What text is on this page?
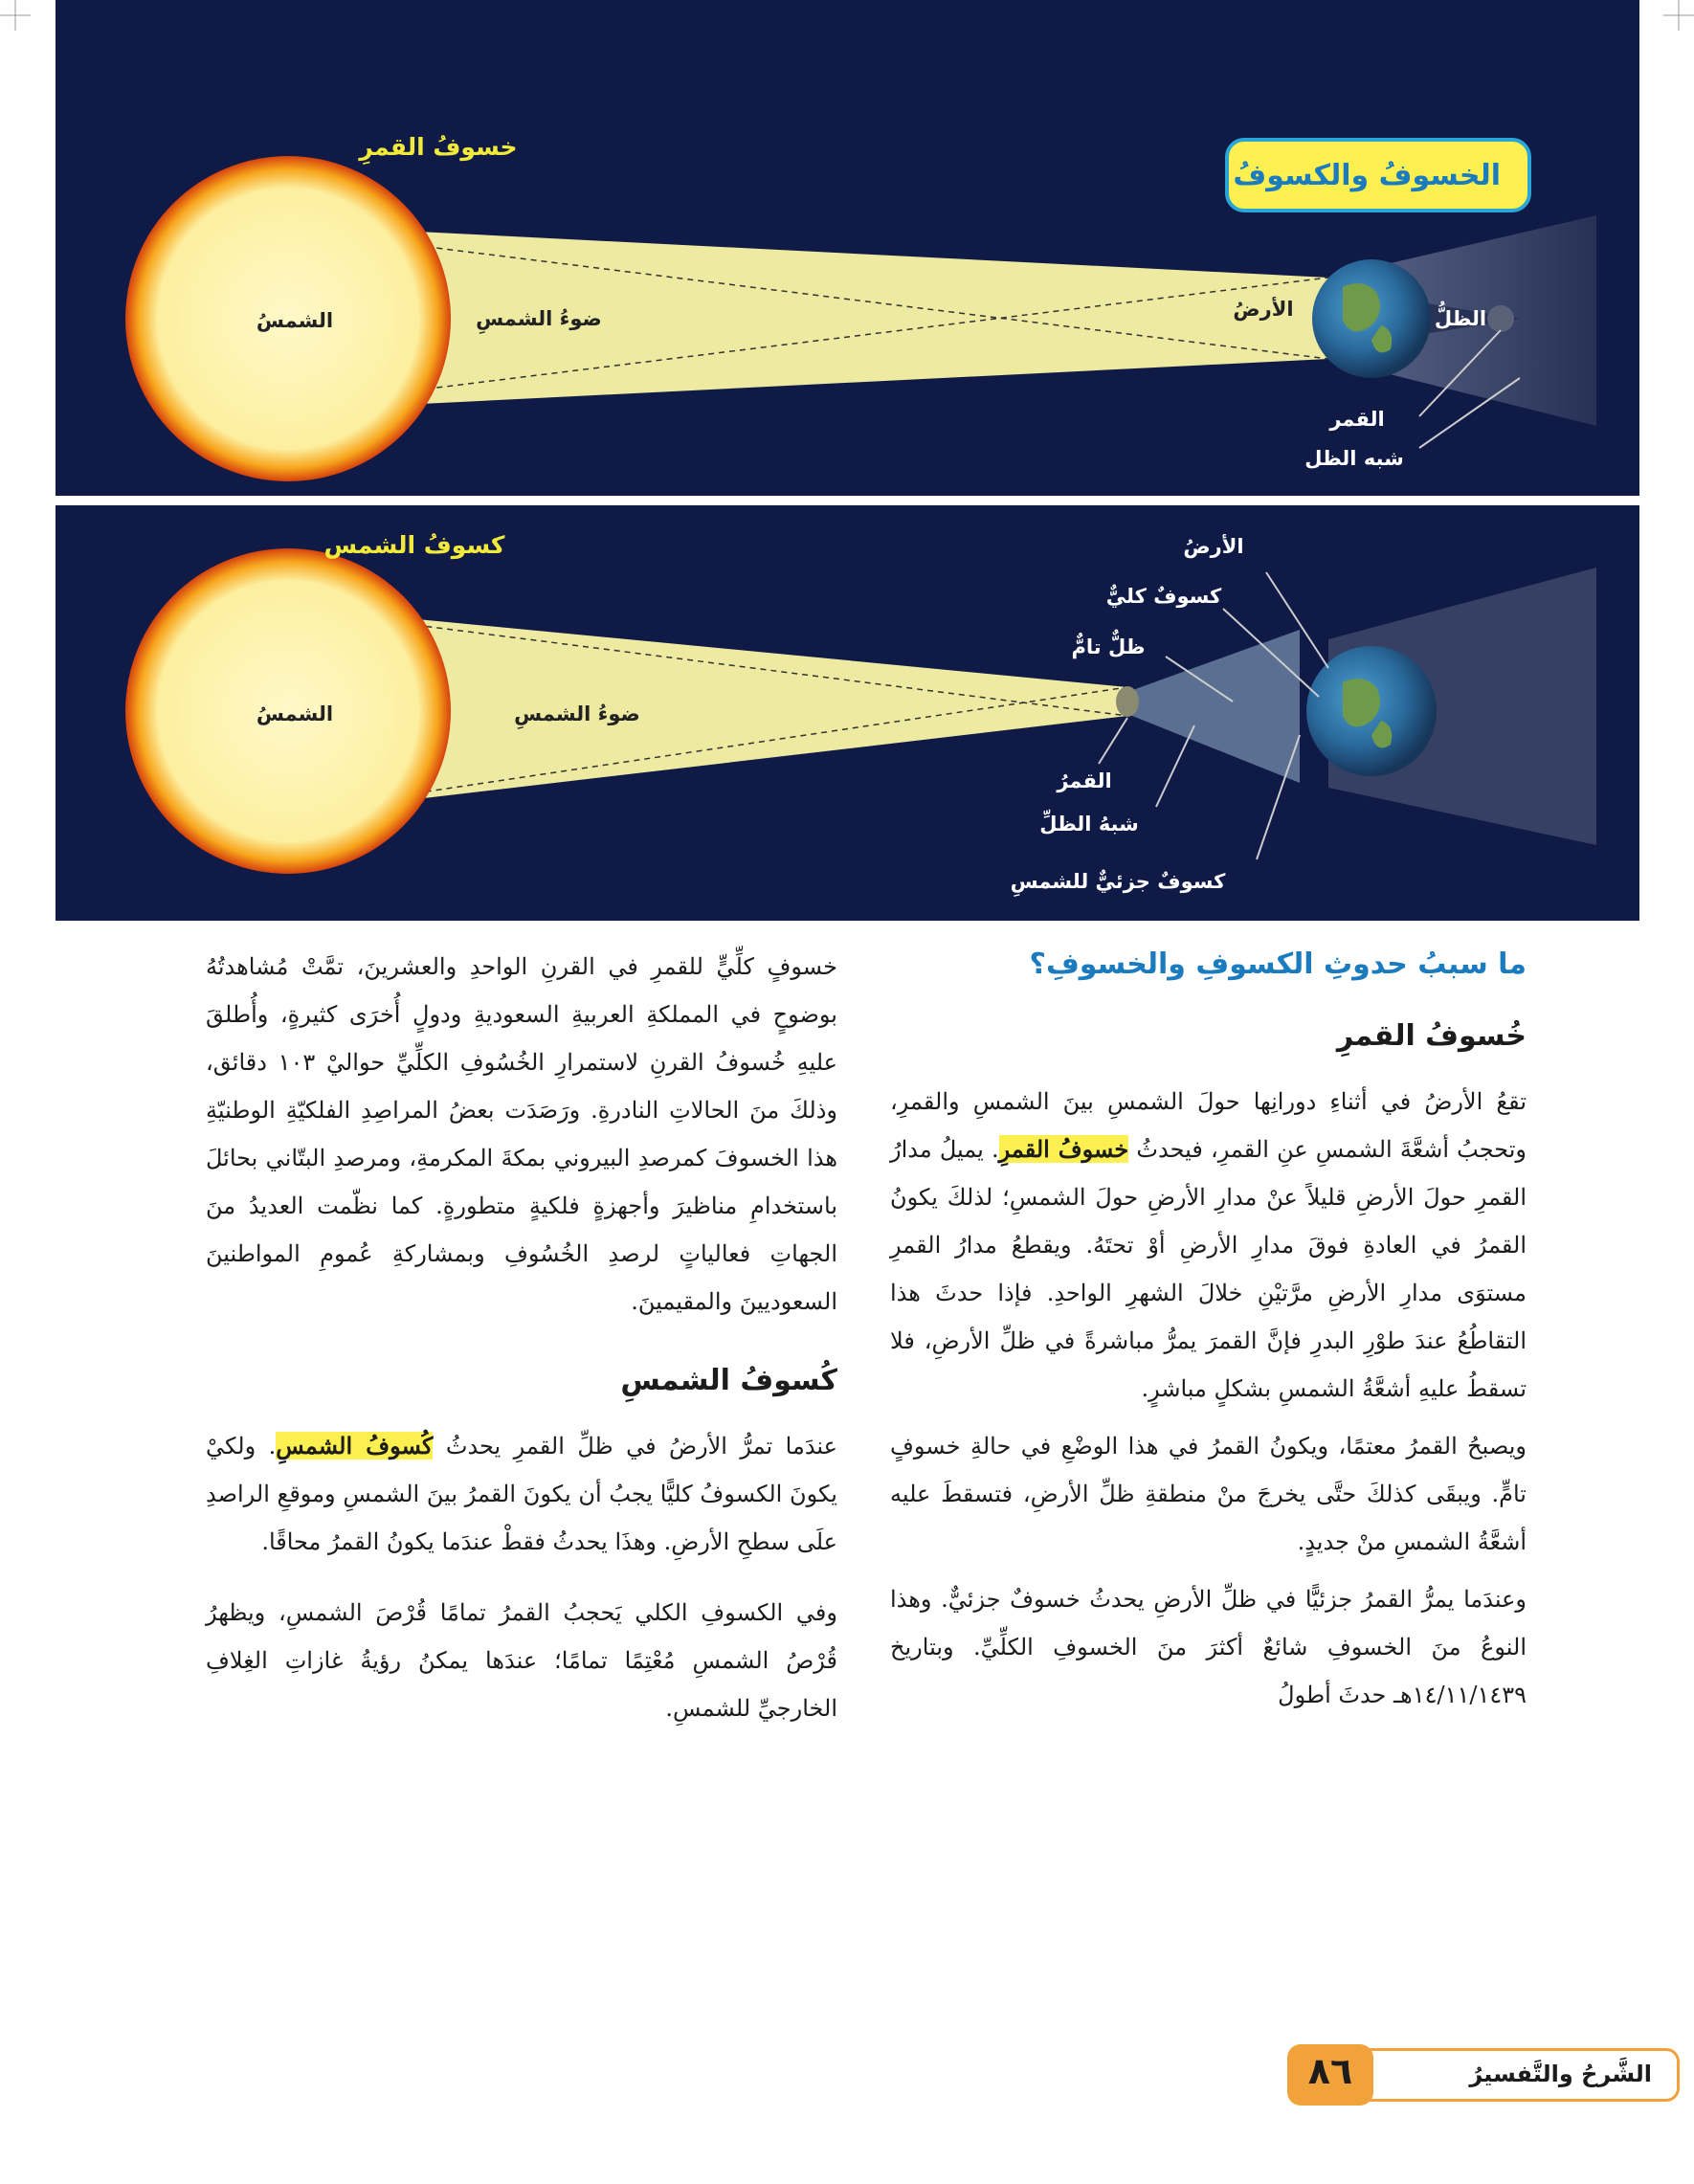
خسوفُ القمرِ
الشمسُ	ضوءُ الشمسِ	الأرضُ	الظلُّ
القمر
شبه الظل
الخسوفُ والكسوفُ
كسوفُ الشمس
الشمسُ	ضوءُ الشمسِ
الأرضُ
كسوفٌ كليٌّ
ظلٌّ تامٌّ
القمرُ
شبهُ الظلِّ
كسوفٌ جزئيٌّ للشمسِ
ما سببُ حدوثِ الكسوفِ والخسوفِ؟
خُسوفُ القمرِ

تقعُ الأرضُ في أثناءِ دورانِها حولَ الشمسِ بينَ الشمسِ والقمرِ، وتحجبُ أشعَّةَ الشمسِ عنِ القمرِ، فيحدثُ خسوفُ القمرِ. يميلُ مدارُ القمرِ حولَ الأرضِ قليلاً عنْ مدارِ الأرضِ حولَ الشمسِ؛ لذلكَ يكونُ القمرُ في العادةِ فوقَ مدارِ الأرضِ أوْ تحتَهُ. ويقطعُ مدارُ القمرِ مستوَى مدارِ الأرضِ مرَّتيْنِ خلالَ الشهرِ الواحدِ. فإذا حدثَ هذا التقاطُعُ عندَ طوْرِ البدرِ فإنَّ القمرَ يمرُّ مباشرةً في ظلِّ الأرضِ، فلا تسقطُ عليهِ أشعَّةُ الشمسِ بشكلٍ مباشرٍ.

ويصبحُ القمرُ معتمًا، ويكونُ القمرُ في هذا الوضْعِ في حالةِ خسوفٍ تامٍّ. ويبقَى كذلكَ حتَّى يخرجَ منْ منطقةِ ظلِّ الأرضِ، فتسقطَ عليه أشعَّةُ الشمسِ منْ جديدٍ.

وعندَما يمرُّ القمرُ جزئيًّا في ظلِّ الأرضِ يحدثُ خسوفٌ جزئيٌّ. وهذا النوعُ منَ الخسوفِ شائعٌ أكثرَ منَ الخسوفِ الكلِّيِّ. وبتاريخ ١٤/١١/١٤٣٩هـ حدثَ أطولُ

خسوفٍ كلِّيٍّ للقمرِ في القرنِ الواحدِ والعشرينَ، تمَّتْ مُشاهدتُهُ بوضوحٍ في المملكةِ العربيةِ السعوديةِ ودولٍ أُخرَى كثيرةٍ، وأُطلقَ عليهِ خُسوفُ القرنِ لاستمرارِ الخُسُوفِ الكلِّيِّ حواليْ ١٠٣ دقائق، وذلكَ منَ الحالاتِ النادرةِ. ورَصَدَت بعضُ المراصِدِ الفلكيّةِ الوطنيّةِ هذا الخسوفَ كمرصدِ البيروني بمكةَ المكرمةِ، ومرصدِ البتّاني بحائلَ باستخدامِ مناظيرَ وأجهزةٍ فلكيةٍ متطورةٍ. كما نظّمت العديدُ منَ الجهاتِ فعالياتٍ لرصدِ الخُسُوفِ وبمشاركةِ عُمومِ المواطنينَ السعوديينَ والمقيمينَ.

كُسوفُ الشمسِ

عندَما تمرُّ الأرضُ في ظلِّ القمرِ يحدثُ كُسوفُ الشمسِ. ولكيْ يكونَ الكسوفُ كليًّا يجبُ أن يكونَ القمرُ بينَ الشمسِ وموقعِ الراصدِ علَى سطحِ الأرضِ. وهذَا يحدثُ فقطْ عندَما يكونُ القمرُ محاقًا.

وفي الكسوفِ الكلي يَحجبُ القمرُ تمامًا قُرْصَ الشمسِ، ويظهرُ قُرْصُ الشمسِ مُعْتِمًا تمامًا؛ عندَها يمكنُ رؤيةُ غازاتِ الغِلافِ الخارجيِّ للشمسِ.

الشَّرحُ والتَّفسيرُ
٨٦
